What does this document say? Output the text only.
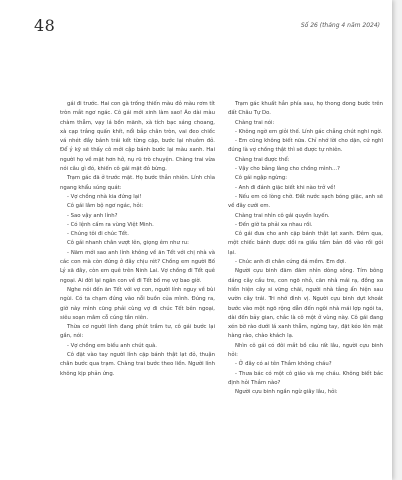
48	Số 26 (tháng 4 năm 2024)

gái đi trước. Hai con gà trống thiến màu đỏ màu rơm tít tròn mắt ngơ ngác. Cô gái mới xinh làm sao! Áo dài màu chàm thẫm, vạy lá bồn mãnh, xà tích bạc sáng choang, xà cạp trắng quấn khít, nổi bắp chân tròn, vai đeo chiếc vá nhét đầy bánh trái kết từng cặp, bước lại nhuôm đỏ. Để ý kỹ sẽ thấy cô mới cập bánh bước lại màu xanh. Hai người họ về mặt hơn hở, nụ rũ trò chuyện. Chàng trai vừa nói câu gì đó, khiến cô gái mặt đỏ bừng.

Trạm gác đã ở trước mặt. Họ bước thẳn nhiên. Lính chìa ngang khẩu súng quát:

- Vợ chồng nhà kia đứng lại!

Cô gái lâm bộ ngơ ngác, hỏi:

- Sao vậy anh lính?

- Có lệnh cấm ra vùng Việt Minh.

- Chúng tôi đi chúc Tết.

Cô gái nhanh chân vượt lên, giọng êm như ru:

- Năm mới sao anh lính không về ăn Tết với chị nhà và các con mà còn đứng ở đây chịu rét? Chồng em người Bố Lý xã đây, còn em quê trên Ninh Lai. Vợ chồng đi Tết quê ngoại. Ai đời lại ngăn con về đi Tết bố mẹ vợ bao giờ.

Nghe nói đến ăn Tết với vợ con, người lính nguy về bùi ngùi. Có ta chạm đúng vào nỗi buồn của mình. Đúng ra, giờ này mình cũng phải cùng vợ đi chúc Tết bên ngoại, siêu soạn mâm cỗ cúng tần niên.

Thừa cơ người lính đang phút trầm tư, cô gái bước lại gần, nói:

- Vợ chồng em biếu anh chút quà.

Cô đặt vào tay người lính cặp bánh thật lạt đỏ, thuận chân bước qua trạm. Chàng trai bước theo liền. Người lính không kịp phản ứng.

Trạm gác khuất hẳn phía sau, họ thong dong bước trên đất Châu Tự Do.

Chàng trai nói:

- Không ngờ em giỏi thế. Lính gác chẳng chút nghi ngờ.

- Em cũng không biết nữa. Chỉ nhớ lời cho dặn, cứ nghĩ đúng là vợ chồng thật thì sẽ được tự nhiên.

Chàng trai được thể:

- Vậy cho bằng làng cho chồng mình...?

Cô gái ngập ngừng:

- Anh đi đánh giặc biết khi nào trở về!

- Nếu em có lòng chờ. Đất nước sạch bóng giặc, anh sẽ về đây cưới em.

Chàng trai nhìn cô gái quyến luyến.

- Đến giờ ta phải xa nhau rồi.

Cô gái đưa cho anh cặp bánh thật lạt xanh. Đêm qua, một chiếc bánh được dồi ra giấu tấm bản đồ vào rồi gói lại.

- Chúc anh đi chân cứng đá mềm. Em đợi.

Người cựu binh đăm đăm nhìn dòng sông. Tím bông dáng cây cầu tre, con ngõ nhỏ, căn nhà mái rạ, đồng xa hiền hiện cây si vững chãi, người nhà tằng ẩn hiện sau vườn cây trái. Tri nhớ đình vị. Người cựu binh dựt khoát bước vào một ngõ rộng dẫn đến ngôi nhà mái lợp ngói ta, dài đến bảy gian, chắc là cô một ở vùng này. Cô gái đang xén bờ rào dưới lá xanh thẫm, ngừng tay, đặt kéo lên mặt hàng rào, chào khách lạ.

Nhìn cô gái có đôi mắt bồ câu rất lâu, người cựu binh hỏi:

- Ở đây có ai tên Thắm không cháu?

- Thưa bác có một cô giáo và mẹ cháu. Không biết bác định hỏi Thắm nào?

Người cựu binh ngần ngừ giây lâu, hỏi:
